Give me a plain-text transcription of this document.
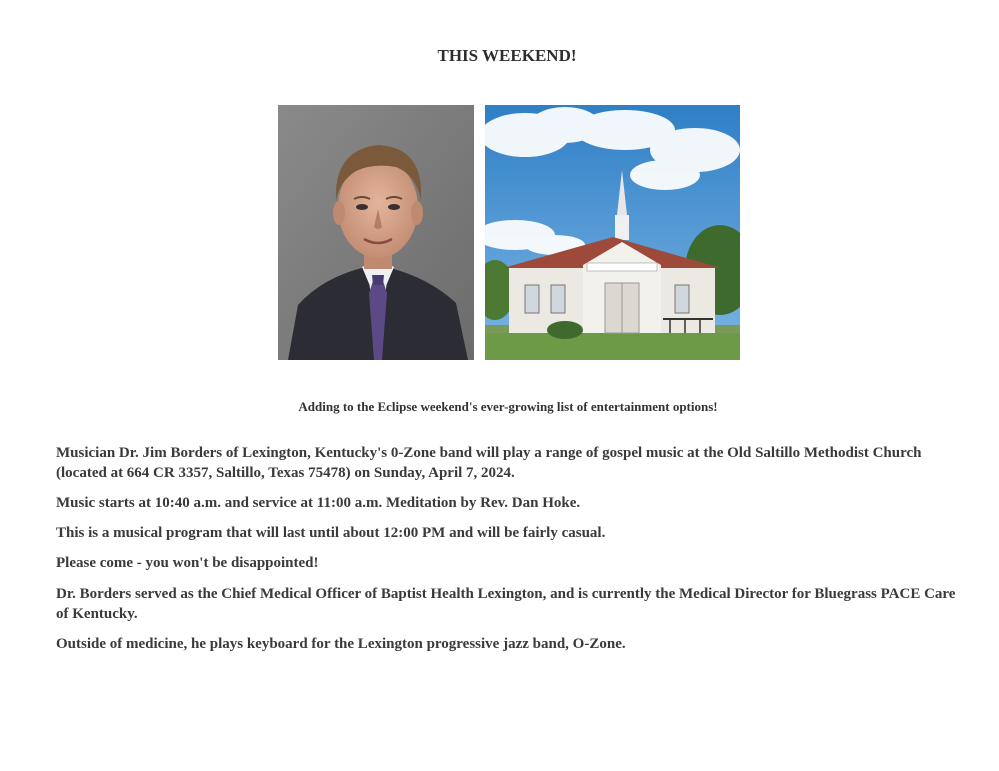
THIS WEEKEND!
Adding to the Eclipse weekend's ever-growing list of entertainment options!

Musician Dr. Jim Borders of Lexington, Kentucky's 0-Zone band will play a range of gospel music at the Old Saltillo Methodist Church (located at 664 CR 3357, Saltillo, Texas 75478) on Sunday, April 7, 2024.

Music starts at 10:40 a.m. and service at 11:00 a.m. Meditation by Rev. Dan Hoke.

This is a musical program that will last until about 12:00 PM and will be fairly casual.

Please come - you won't be disappointed!

Dr. Borders served as the Chief Medical Officer of Baptist Health Lexington, and is currently the Medical Director for Bluegrass PACE Care of Kentucky.

Outside of medicine, he plays keyboard for the Lexington progressive jazz band, O-Zone.
